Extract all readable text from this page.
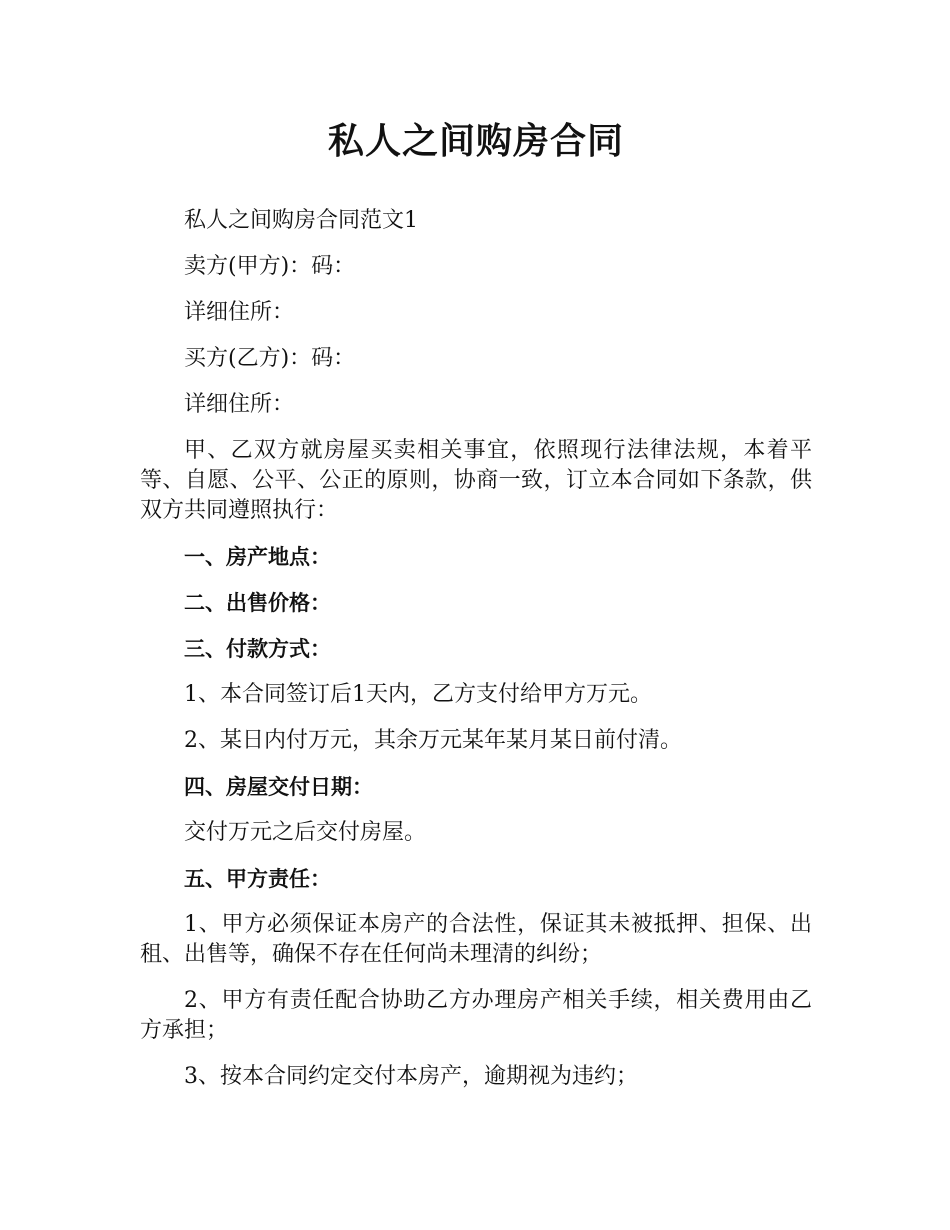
私人之间购房合同

私人之间购房合同范文1

卖方(甲方)：码：

详细住所：

买方(乙方)：码：

详细住所：

甲、乙双方就房屋买卖相关事宜，依照现行法律法规，本着平等、自愿、公平、公正的原则，协商一致，订立本合同如下条款，供双方共同遵照执行：

一、房产地点：

二、出售价格：

三、付款方式：

1、本合同签订后1天内，乙方支付给甲方万元。

2、某日内付万元，其余万元某年某月某日前付清。

四、房屋交付日期：

交付万元之后交付房屋。

五、甲方责任：

1、甲方必须保证本房产的合法性，保证其未被抵押、担保、出租、出售等，确保不存在任何尚未理清的纠纷；

2、甲方有责任配合协助乙方办理房产相关手续，相关费用由乙方承担；

3、按本合同约定交付本房产，逾期视为违约；
